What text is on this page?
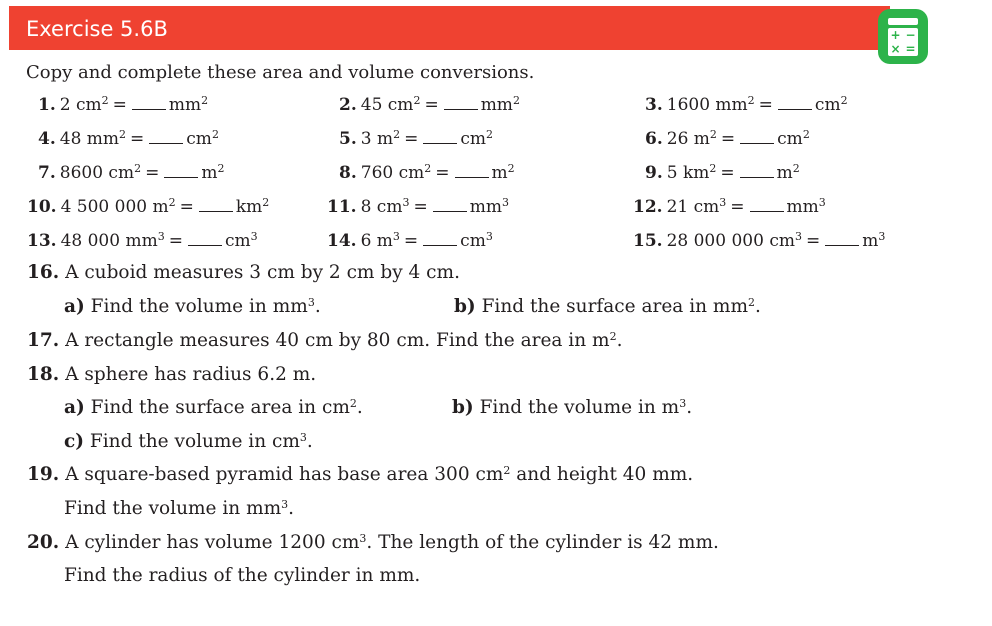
Exercise 5.6B	+ −
× =
Copy and complete these area and volume conversions.
1. 2 $cm^2 = mm^2$	2. 45 $cm^2 = mm^2$	3. 1600 $mm^2 = cm^2$
4. 48 $mm^2 = cm^2$	5. 3 $m^2 = cm^2$	6. 26 $m^2 = cm^2$
7. 8600 $cm^2 = m^2$	8. 760 $cm^2 = m^2$	9. 5 $km^2 = m^2$
10. 4 500 000 $m^2 = km^2$	11. 8 $cm^3 = mm^3$	12. 21 $cm^3 = mm^3$
13. 48 000 $mm^3 = cm^3$	14. 6 $m^3 = cm^3$	15. 28 000 000 $cm^3 = m^3$
16. A cuboid measures 3 cm by 2 cm by 4 cm.
a) Find the volume in $mm^3$.	b) Find the surface area in $mm^2$.
17. A rectangle measures 40 cm by 80 cm. Find the area in $m^2$.
18. A sphere has radius 6.2 m.
a) Find the surface area in $cm^2$.	b) Find the volume in $m^3$.
c) Find the volume in $cm^3$.
19. A square-based pyramid has base area 300 $cm^2$ and height 40 mm.
Find the volume in $mm^3$.
20. A cylinder has volume 1200 $cm^3$. The length of the cylinder is 42 mm.
Find the radius of the cylinder in mm.
